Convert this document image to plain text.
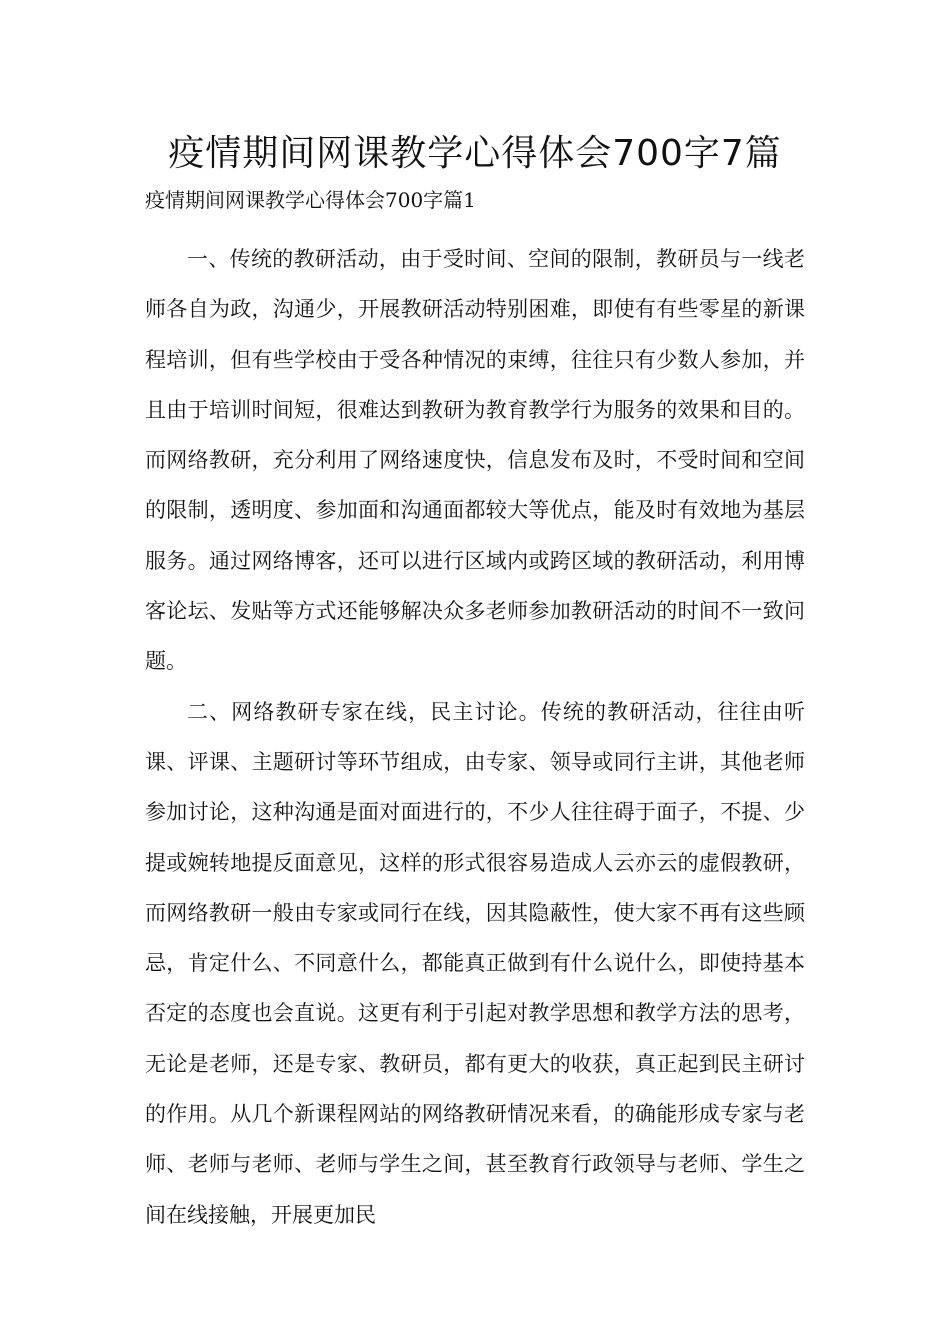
疫情期间网课教学心得体会700字7篇
疫情期间网课教学心得体会700字篇1

一、传统的教研活动，由于受时间、空间的限制，教研员与一线老师各自为政，沟通少，开展教研活动特别困难，即使有有些零星的新课程培训，但有些学校由于受各种情况的束缚，往往只有少数人参加，并且由于培训时间短，很难达到教研为教育教学行为服务的效果和目的。而网络教研，充分利用了网络速度快，信息发布及时，不受时间和空间的限制，透明度、参加面和沟通面都较大等优点，能及时有效地为基层服务。通过网络博客，还可以进行区域内或跨区域的教研活动，利用博客论坛、发贴等方式还能够解决众多老师参加教研活动的时间不一致问题。

二、网络教研专家在线，民主讨论。传统的教研活动，往往由听课、评课、主题研讨等环节组成，由专家、领导或同行主讲，其他老师参加讨论，这种沟通是面对面进行的，不少人往往碍于面子，不提、少提或婉转地提反面意见，这样的形式很容易造成人云亦云的虚假教研，而网络教研一般由专家或同行在线，因其隐蔽性，使大家不再有这些顾忌，肯定什么、不同意什么，都能真正做到有什么说什么，即使持基本否定的态度也会直说。这更有利于引起对教学思想和教学方法的思考，无论是老师，还是专家、教研员，都有更大的收获，真正起到民主研讨的作用。从几个新课程网站的网络教研情况来看，的确能形成专家与老师、老师与老师、老师与学生之间，甚至教育行政领导与老师、学生之间在线接触，开展更加民
